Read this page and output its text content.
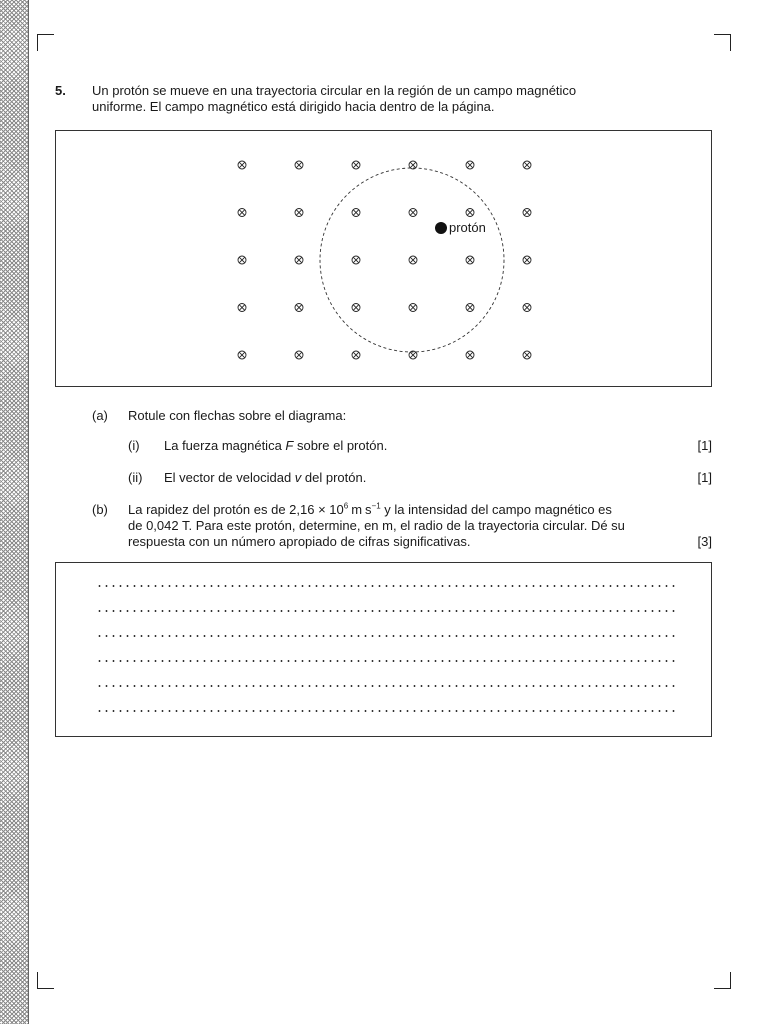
5. Un protón se mueve en una trayectoria circular en la región de un campo magnético
uniforme. El campo magnético está dirigido hacia dentro de la página.
protón
(a) Rotule con flechas sobre el diagrama:
(i) La fuerza magnética F sobre el protón.	[1]
(ii) El vector de velocidad v del protón.	[1]
(b) La rapidez del protón es de $2,16 \times 10^6$ m $s^{-1}$ y la intensidad del campo magnético es
de 0,042 T. Para este protón, determine, en m, el radio de la trayectoria circular. Dé su
respuesta con un número apropiado de cifras significativas.	[3]
